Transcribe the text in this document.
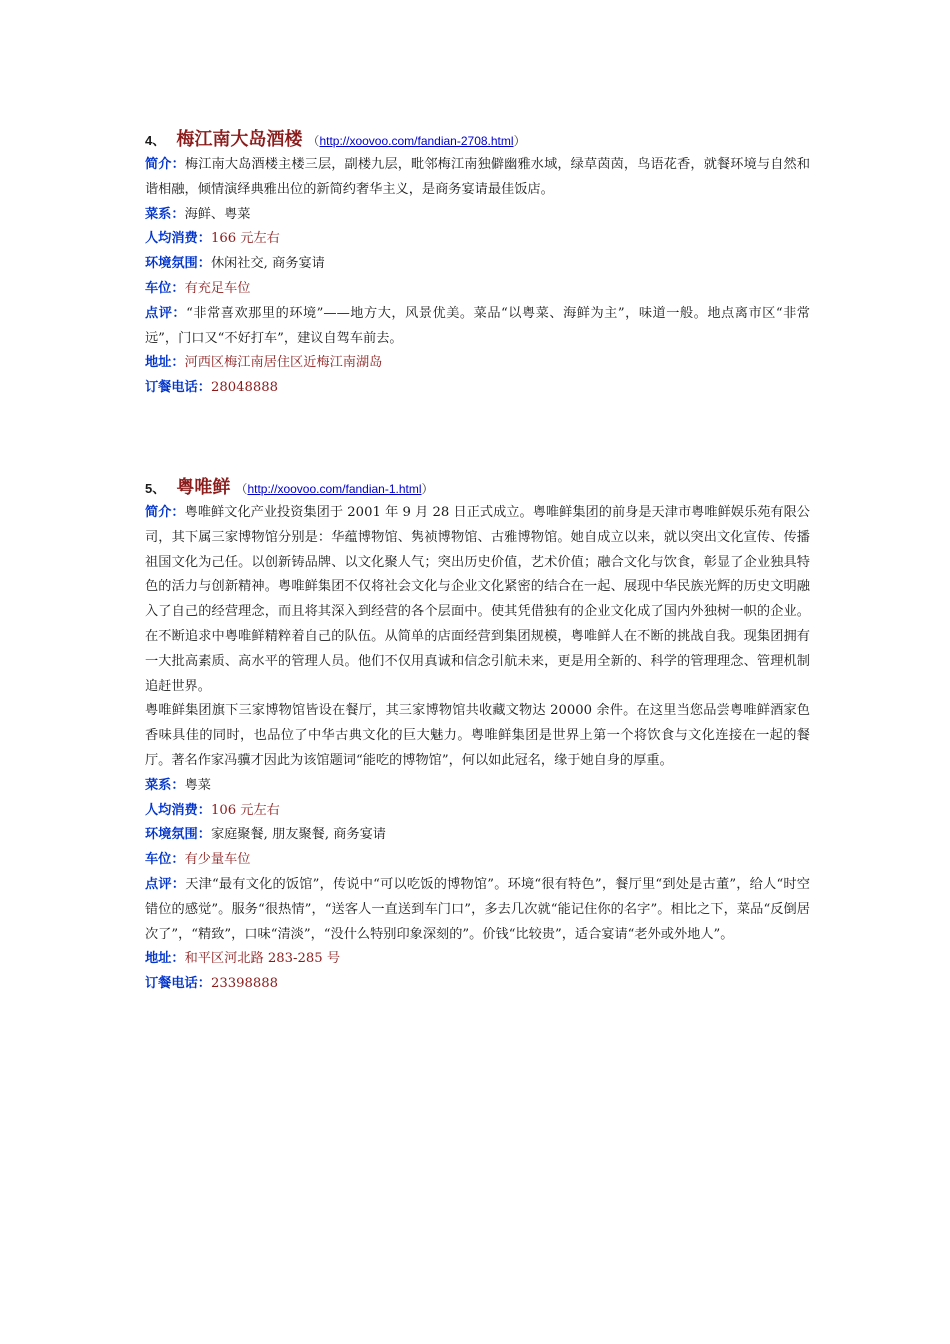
4、 梅江南大岛酒楼 （http://xoovoo.com/fandian-2708.html）
简介：梅江南大岛酒楼主楼三层，副楼九层，毗邻梅江南独僻幽雅水域，绿草茵茵，鸟语花香，就餐环境与自然和谐相融，倾情演绎典雅出位的新简约奢华主义，是商务宴请最佳饭店。
菜系：海鲜、粤菜
人均消费：166 元左右
环境氛围：休闲社交, 商务宴请
车位：有充足车位
点评：“非常喜欢那里的环境”——地方大，风景优美。菜品“以粤菜、海鲜为主”，味道一般。地点离市区“非常远”，门口又“不好打车”，建议自驾车前去。
地址：河西区梅江南居住区近梅江南湖岛
订餐电话：28048888
5、 粤唯鲜 （http://xoovoo.com/fandian-1.html）
简介：粤唯鲜文化产业投资集团于 2001 年 9 月 28 日正式成立。粤唯鲜集团的前身是天津市粤唯鲜娱乐苑有限公司，其下属三家博物馆分别是：华蕴博物馆、隽祯博物馆、古雅博物馆。她自成立以来，就以突出文化宣传、传播祖国文化为己任。以创新铸品牌、以文化聚人气；突出历史价值，艺术价值；融合文化与饮食，彰显了企业独具特色的活力与创新精神。粤唯鲜集团不仅将社会文化与企业文化紧密的结合在一起、展现中华民族光辉的历史文明融入了自己的经营理念，而且将其深入到经营的各个层面中。使其凭借独有的企业文化成了国内外独树一帜的企业。在不断追求中粤唯鲜精粹着自己的队伍。从简单的店面经营到集团规模，粤唯鲜人在不断的挑战自我。现集团拥有一大批高素质、高水平的管理人员。他们不仅用真诚和信念引航未来，更是用全新的、科学的管理理念、管理机制追赶世界。
粤唯鲜集团旗下三家博物馆皆设在餐厅，其三家博物馆共收藏文物达 20000 余件。在这里当您品尝粤唯鲜酒家色香味具佳的同时，也品位了中华古典文化的巨大魅力。粤唯鲜集团是世界上第一个将饮食与文化连接在一起的餐厅。著名作家冯骥才因此为该馆题词“能吃的博物馆”，何以如此冠名，缘于她自身的厚重。
菜系：粤菜
人均消费：106 元左右
环境氛围：家庭聚餐, 朋友聚餐, 商务宴请
车位：有少量车位
点评：天津“最有文化的饭馆”，传说中“可以吃饭的博物馆”。环境“很有特色”，餐厅里“到处是古董”，给人“时空错位的感觉”。服务“很热情”，“送客人一直送到车门口”，多去几次就“能记住你的名字”。相比之下，菜品“反倒居次了”，“精致”，口味“清淡”，“没什么特别印象深刻的”。价钱“比较贵”，适合宴请“老外或外地人”。
地址：和平区河北路 283-285 号
订餐电话：23398888
